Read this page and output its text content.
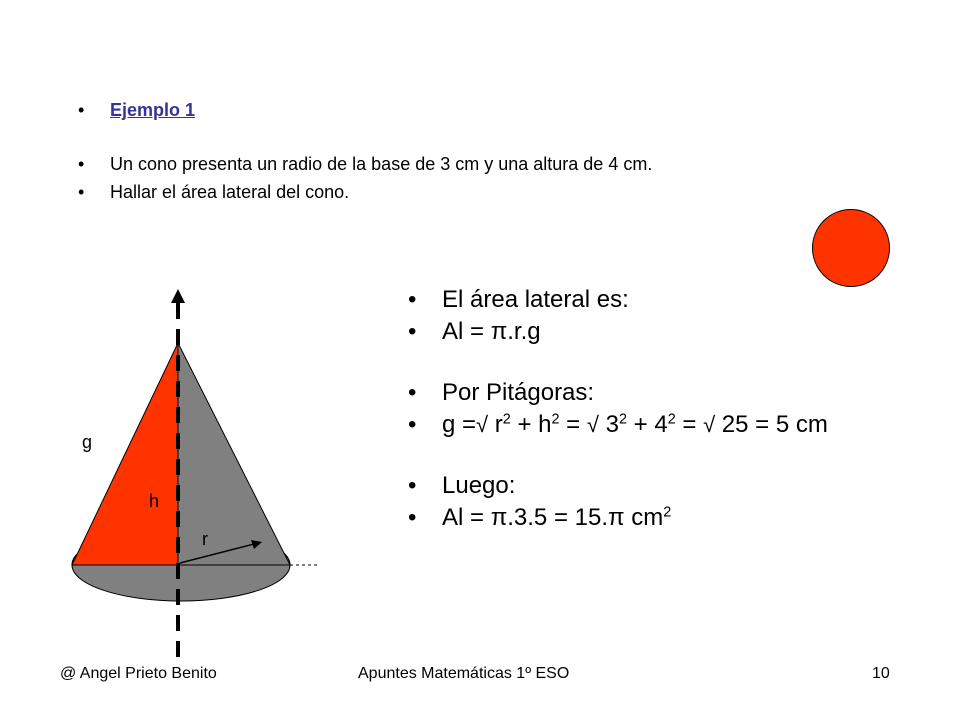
• Ejemplo 1
• Un cono presenta un radio de la base de 3 cm y una altura de 4 cm.
• Hallar el área lateral del cono.
g
h
r
• El área lateral es:
• Al = π.r.g
• Por Pitágoras:
• g =√ $r^2 + h^2$ = √ $3^2 + 4^2$ = √ 25 = 5 cm
• Luego:
• Al = π.3.5 = 15.π $cm^2$
@ Angel Prieto Benito	Apuntes Matemáticas 1º ESO	10
